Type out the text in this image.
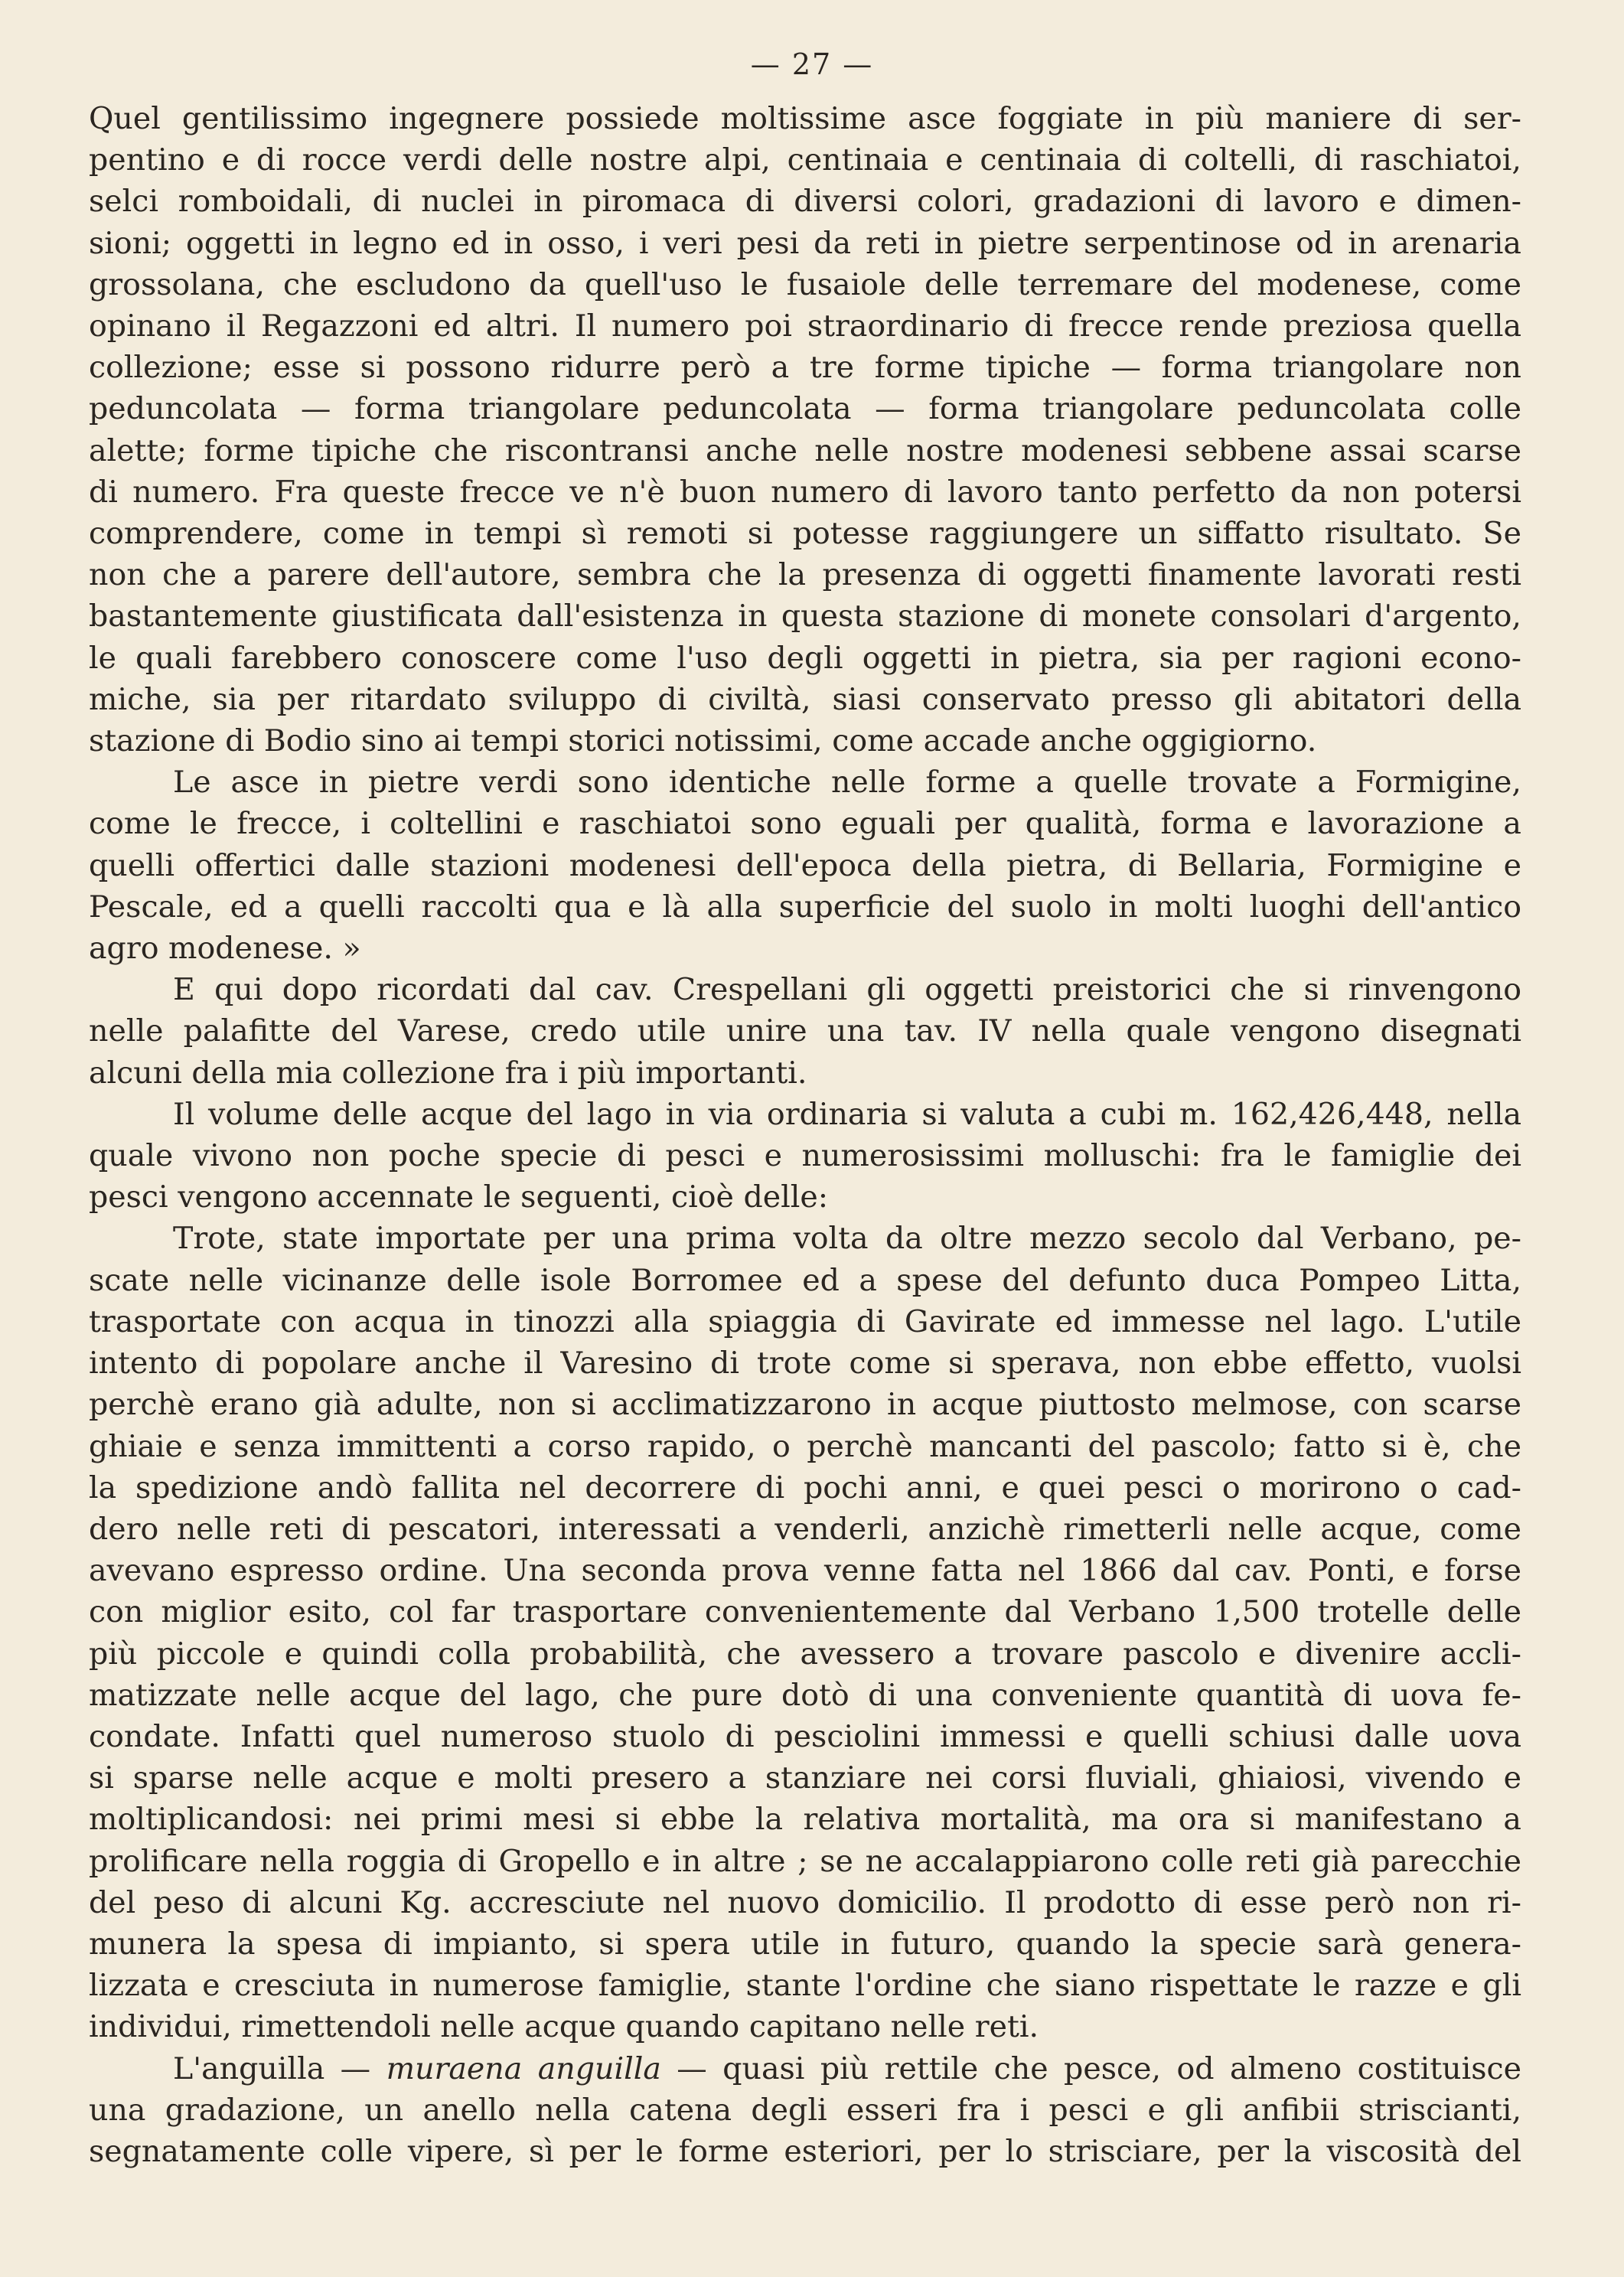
— 27 —
Quel gentilissimo ingegnere possiede moltissime asce foggiate in più maniere di ser-
pentino e di rocce verdi delle nostre alpi, centinaia e centinaia di coltelli, di raschiatoi,
selci romboidali, di nuclei in piromaca di diversi colori, gradazioni di lavoro e dimen-
sioni; oggetti in legno ed in osso, i veri pesi da reti in pietre serpentinose od in arenaria
grossolana, che escludono da quell'uso le fusaiole delle terremare del modenese, come
opinano il Regazzoni ed altri. Il numero poi straordinario di frecce rende preziosa quella
collezione; esse si possono ridurre però a tre forme tipiche — forma triangolare non
peduncolata — forma triangolare peduncolata — forma triangolare peduncolata colle
alette; forme tipiche che riscontransi anche nelle nostre modenesi sebbene assai scarse
di numero. Fra queste frecce ve n'è buon numero di lavoro tanto perfetto da non potersi
comprendere, come in tempi sì remoti si potesse raggiungere un siffatto risultato. Se
non che a parere dell'autore, sembra che la presenza di oggetti finamente lavorati resti
bastantemente giustificata dall'esistenza in questa stazione di monete consolari d'argento,
le quali farebbero conoscere come l'uso degli oggetti in pietra, sia per ragioni econo-
miche, sia per ritardato sviluppo di civiltà, siasi conservato presso gli abitatori della
stazione di Bodio sino ai tempi storici notissimi, come accade anche oggigiorno.
Le asce in pietre verdi sono identiche nelle forme a quelle trovate a Formigine,
come le frecce, i coltellini e raschiatoi sono eguali per qualità, forma e lavorazione a
quelli offertici dalle stazioni modenesi dell'epoca della pietra, di Bellaria, Formigine e
Pescale, ed a quelli raccolti qua e là alla superficie del suolo in molti luoghi dell'antico
agro modenese. »
E qui dopo ricordati dal cav. Crespellani gli oggetti preistorici che si rinvengono
nelle palafitte del Varese, credo utile unire una tav. IV nella quale vengono disegnati
alcuni della mia collezione fra i più importanti.
Il volume delle acque del lago in via ordinaria si valuta a cubi m. 162,426,448, nella
quale vivono non poche specie di pesci e numerosissimi molluschi: fra le famiglie dei
pesci vengono accennate le seguenti, cioè delle:
Trote, state importate per una prima volta da oltre mezzo secolo dal Verbano, pe-
scate nelle vicinanze delle isole Borromee ed a spese del defunto duca Pompeo Litta,
trasportate con acqua in tinozzi alla spiaggia di Gavirate ed immesse nel lago. L'utile
intento di popolare anche il Varesino di trote come si sperava, non ebbe effetto, vuolsi
perchè erano già adulte, non si acclimatizzarono in acque piuttosto melmose, con scarse
ghiaie e senza immittenti a corso rapido, o perchè mancanti del pascolo; fatto si è, che
la spedizione andò fallita nel decorrere di pochi anni, e quei pesci o morirono o cad-
dero nelle reti di pescatori, interessati a venderli, anzichè rimetterli nelle acque, come
avevano espresso ordine. Una seconda prova venne fatta nel 1866 dal cav. Ponti, e forse
con miglior esito, col far trasportare convenientemente dal Verbano 1,500 trotelle delle
più piccole e quindi colla probabilità, che avessero a trovare pascolo e divenire accli-
matizzate nelle acque del lago, che pure dotò di una conveniente quantità di uova fe-
condate. Infatti quel numeroso stuolo di pesciolini immessi e quelli schiusi dalle uova
si sparse nelle acque e molti presero a stanziare nei corsi fluviali, ghiaiosi, vivendo e
moltiplicandosi: nei primi mesi si ebbe la relativa mortalità, ma ora si manifestano a
prolificare nella roggia di Gropello e in altre ; se ne accalappiarono colle reti già parecchie
del peso di alcuni Kg. accresciute nel nuovo domicilio. Il prodotto di esse però non ri-
munera la spesa di impianto, si spera utile in futuro, quando la specie sarà genera-
lizzata e cresciuta in numerose famiglie, stante l'ordine che siano rispettate le razze e gli
individui, rimettendoli nelle acque quando capitano nelle reti.
L'anguilla — muraena anguilla — quasi più rettile che pesce, od almeno costituisce
una gradazione, un anello nella catena degli esseri fra i pesci e gli anfibii striscianti,
segnatamente colle vipere, sì per le forme esteriori, per lo strisciare, per la viscosità del
